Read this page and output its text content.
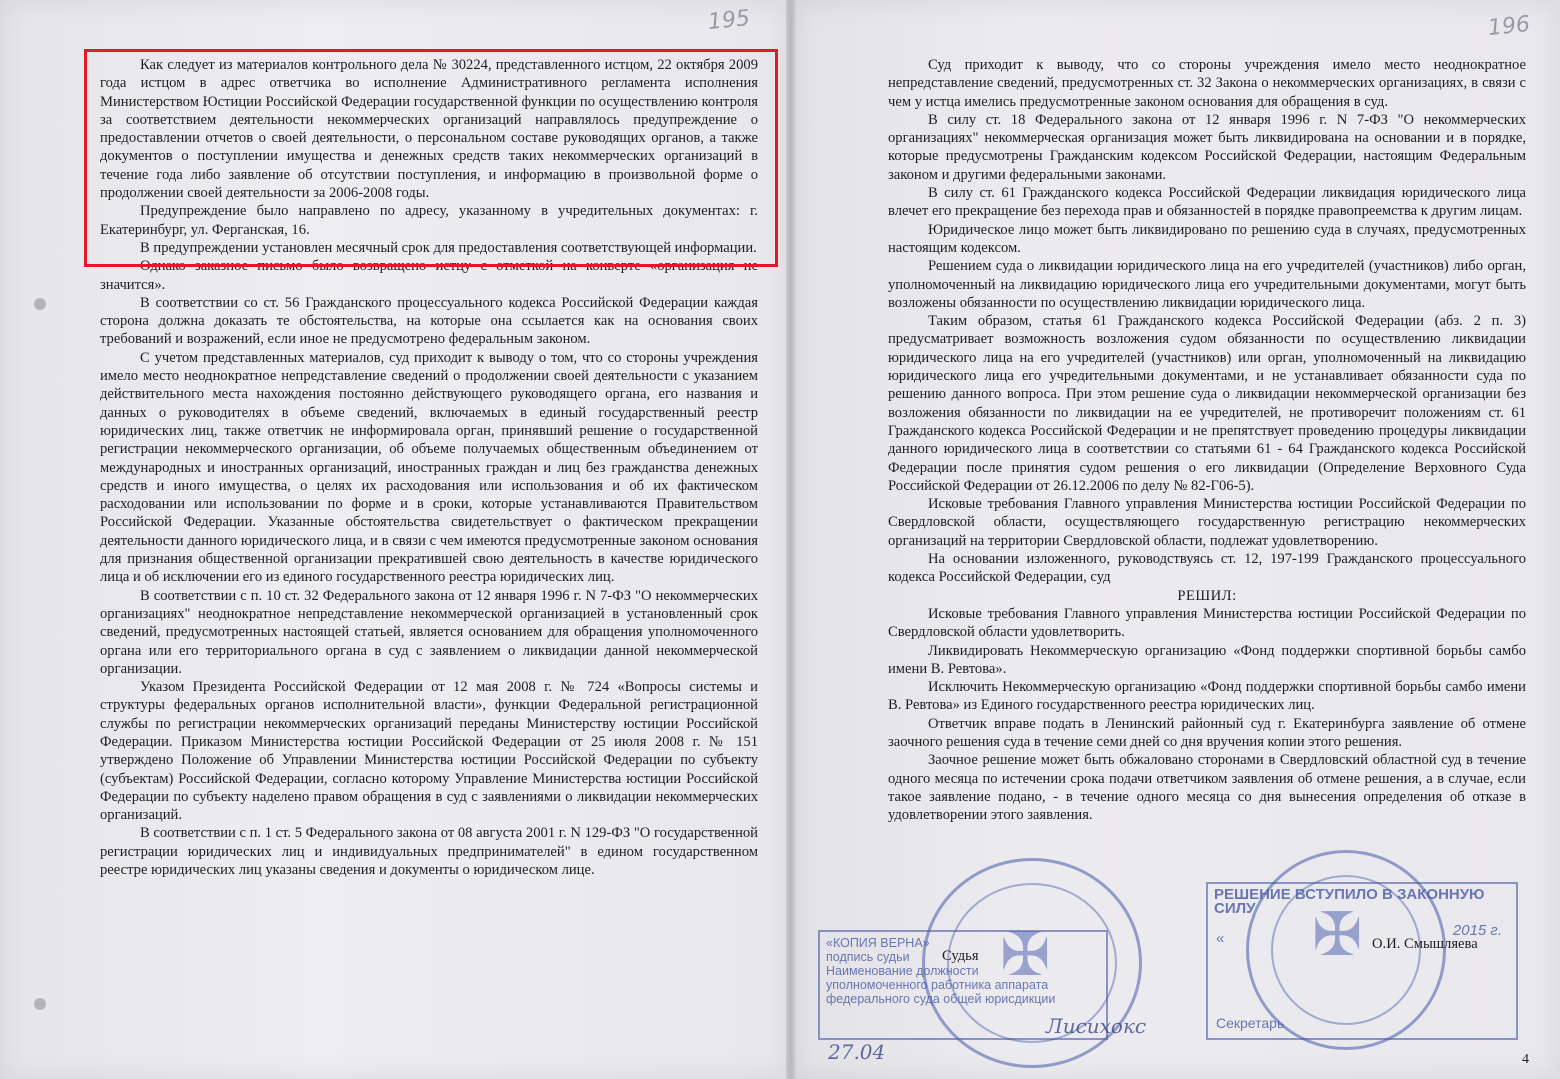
195	196

Как следует из материалов контрольного дела № 30224, представленного истцом, 22 октября 2009 года истцом в адрес ответчика во исполнение Административного регламента исполнения Министерством Юстиции Российской Федерации государственной функции по осуществлению контроля за соответствием деятельности некоммерческих организаций направлялось предупреждение о предоставлении отчетов о своей деятельности, о персональном составе руководящих органов, а также документов о поступлении имущества и денежных средств таких некоммерческих организаций в течение года либо заявление об отсутствии поступления, и информацию в произвольной форме о продолжении своей деятельности за 2006-2008 годы.

Предупреждение было направлено по адресу, указанному в учредительных документах: г. Екатеринбург, ул. Ферганская, 16.

В предупреждении установлен месячный срок для предоставления соответствующей информации.

Однако заказное письмо было возвращено истцу с отметкой на конверте «организация не значится».

В соответствии со ст. 56 Гражданского процессуального кодекса Российской Федерации каждая сторона должна доказать те обстоятельства, на которые она ссылается как на основания своих требований и возражений, если иное не предусмотрено федеральным законом.

С учетом представленных материалов, суд приходит к выводу о том, что со стороны учреждения имело место неоднократное непредставление сведений о продолжении своей деятельности с указанием действительного места нахождения постоянно действующего руководящего органа, его названия и данных о руководителях в объеме сведений, включаемых в единый государственный реестр юридических лиц, также ответчик не информировала орган, принявший решение о государственной регистрации некоммерческого организации, об объеме получаемых общественным объединением от международных и иностранных организаций, иностранных граждан и лиц без гражданства денежных средств и иного имущества, о целях их расходования или использования и об их фактическом расходовании или использовании по форме и в сроки, которые устанавливаются Правительством Российской Федерации. Указанные обстоятельства свидетельствует о фактическом прекращении деятельности данного юридического лица, и в связи с чем имеются предусмотренные законом основания для признания общественной организации прекратившей свою деятельность в качестве юридического лица и об исключении его из единого государственного реестра юридических лиц.

В соответствии с п. 10 ст. 32 Федерального закона от 12 января 1996 г. N 7-ФЗ "О некоммерческих организациях" неоднократное непредставление некоммерческой организацией в установленный срок сведений, предусмотренных настоящей статьей, является основанием для обращения уполномоченного органа или его территориального органа в суд с заявлением о ликвидации данной некоммерческой организации.

Указом Президента Российской Федерации от 12 мая 2008 г. № 724 «Вопросы системы и структуры федеральных органов исполнительной власти», функции Федеральной регистрационной службы по регистрации некоммерческих организаций переданы Министерству юстиции Российской Федерации. Приказом Министерства юстиции Российской Федерации от 25 июля 2008 г. № 151 утверждено Положение об Управлении Министерства юстиции Российской Федерации по субъекту (субъектам) Российской Федерации, согласно которому Управление Министерства юстиции Российской Федерации по субъекту наделено правом обращения в суд с заявлениями о ликвидации некоммерческих организаций.

В соответствии с п. 1 ст. 5 Федерального закона от 08 августа 2001 г. N 129-ФЗ "О государственной регистрации юридических лиц и индивидуальных предпринимателей" в едином государственном реестре юридических лиц указаны сведения и документы о юридическом лице.

Суд приходит к выводу, что со стороны учреждения имело место неоднократное непредставление сведений, предусмотренных ст. 32 Закона о некоммерческих организациях, в связи с чем у истца имелись предусмотренные законом основания для обращения в суд.

В силу ст. 18 Федерального закона от 12 января 1996 г. N 7-ФЗ "О некоммерческих организациях" некоммерческая организация может быть ликвидирована на основании и в порядке, которые предусмотрены Гражданским кодексом Российской Федерации, настоящим Федеральным законом и другими федеральными законами.

В силу ст. 61 Гражданского кодекса Российской Федерации ликвидация юридического лица влечет его прекращение без перехода прав и обязанностей в порядке правопреемства к другим лицам.

Юридическое лицо может быть ликвидировано по решению суда в случаях, предусмотренных настоящим кодексом.

Решением суда о ликвидации юридического лица на его учредителей (участников) либо орган, уполномоченный на ликвидацию юридического лица его учредительными документами, могут быть возложены обязанности по осуществлению ликвидации юридического лица.

Таким образом, статья 61 Гражданского кодекса Российской Федерации (абз. 2 п. 3) предусматривает возможность возложения судом обязанности по осуществлению ликвидации юридического лица на его учредителей (участников) или орган, уполномоченный на ликвидацию юридического лица его учредительными документами, и не устанавливает обязанности суда по решению данного вопроса. При этом решение суда о ликвидации некоммерческой организации без возложения обязанности по ликвидации на ее учредителей, не противоречит положениям ст. 61 Гражданского кодекса Российской Федерации и не препятствует проведению процедуры ликвидации данного юридического лица в соответствии со статьями 61 - 64 Гражданского кодекса Российской Федерации после принятия судом решения о его ликвидации (Определение Верховного Суда Российской Федерации от 26.12.2006 по делу № 82-Г06-5).

Исковые требования Главного управления Министерства юстиции Российской Федерации по Свердловской области, осуществляющего государственную регистрацию некоммерческих организаций на территории Свердловской области, подлежат удовлетворению.

На основании изложенного, руководствуясь ст. 12, 197-199 Гражданского процессуального кодекса Российской Федерации, суд

РЕШИЛ:

Исковые требования Главного управления Министерства юстиции Российской Федерации по Свердловской области удовлетворить.

Ликвидировать Некоммерческую организацию «Фонд поддержки спортивной борьбы самбо имени В. Ревтова».

Исключить Некоммерческую организацию «Фонд поддержки спортивной борьбы самбо имени В. Ревтова» из Единого государственного реестра юридических лиц.

Ответчик вправе подать в Ленинский районный суд г. Екатеринбурга заявление об отмене заочного решения суда в течение семи дней со дня вручения копии этого решения.

Заочное решение может быть обжаловано сторонами в Свердловский областной суд в течение одного месяца по истечении срока подачи ответчиком заявления об отмене решения, а в случае, если такое заявление подано, - в течение одного месяца со дня вынесения определения об отказе в удовлетворении этого заявления.

«КОПИЯ ВЕРНА»
подпись судьи
Наименование должности
уполномоченного работника аппарата
федерального суда общей юрисдикции
РЕШЕНИЕ ВСТУПИЛО В ЗАКОННУЮ СИЛУ
«	2015 г.
Секретарь
✠	✠
Судья
О.И. Смышляева
27.04
Лисихокс
4
